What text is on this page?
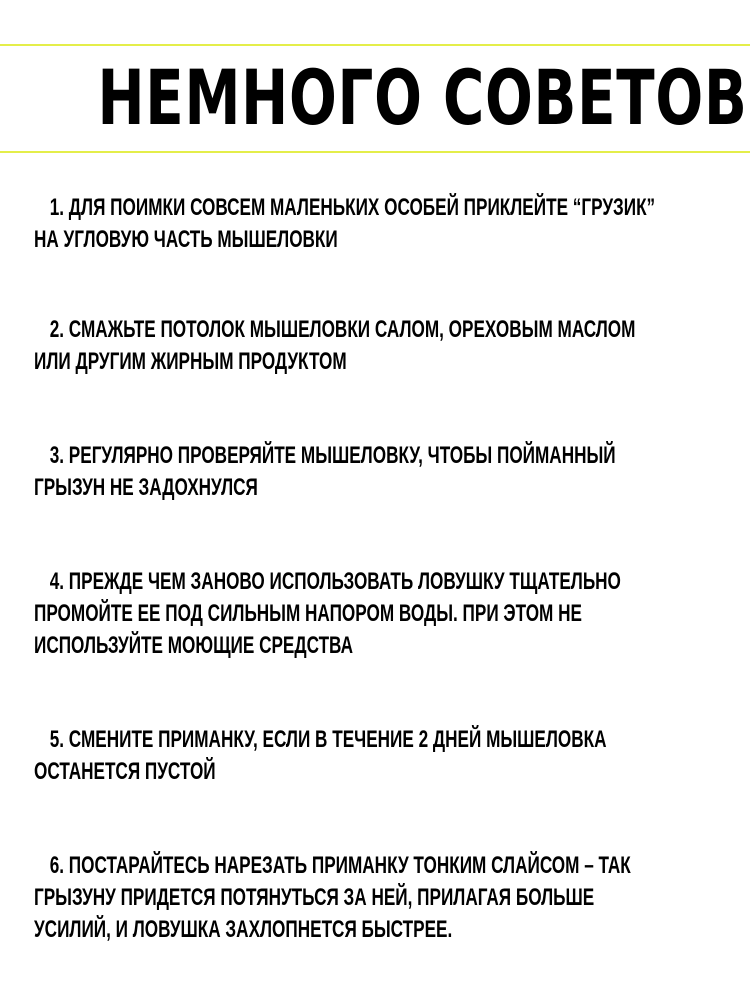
НЕМНОГО СОВЕТОВ

1. ДЛЯ ПОИМКИ СОВСЕМ МАЛЕНЬКИХ ОСОБЕЙ ПРИКЛЕЙТЕ “ГРУЗИК”
НА УГЛОВУЮ ЧАСТЬ МЫШЕЛОВКИ

2. СМАЖЬТЕ ПОТОЛОК МЫШЕЛОВКИ САЛОМ, ОРЕХОВЫМ МАСЛОМ
ИЛИ ДРУГИМ ЖИРНЫМ ПРОДУКТОМ

3. РЕГУЛЯРНО ПРОВЕРЯЙТЕ МЫШЕЛОВКУ, ЧТОБЫ ПОЙМАННЫЙ
ГРЫЗУН НЕ ЗАДОХНУЛСЯ

4. ПРЕЖДЕ ЧЕМ ЗАНОВО ИСПОЛЬЗОВАТЬ ЛОВУШКУ ТЩАТЕЛЬНО
ПРОМОЙТЕ ЕЕ ПОД СИЛЬНЫМ НАПОРОМ ВОДЫ. ПРИ ЭТОМ НЕ
ИСПОЛЬЗУЙТЕ МОЮЩИЕ СРЕДСТВА

5. СМЕНИТЕ ПРИМАНКУ, ЕСЛИ В ТЕЧЕНИЕ 2 ДНЕЙ МЫШЕЛОВКА
ОСТАНЕТСЯ ПУСТОЙ

6. ПОСТАРАЙТЕСЬ НАРЕЗАТЬ ПРИМАНКУ ТОНКИМ СЛАЙСОМ – ТАК
ГРЫЗУНУ ПРИДЕТСЯ ПОТЯНУТЬСЯ ЗА НЕЙ, ПРИЛАГАЯ БОЛЬШЕ
УСИЛИЙ, И ЛОВУШКА ЗАХЛОПНЕТСЯ БЫСТРЕЕ.
